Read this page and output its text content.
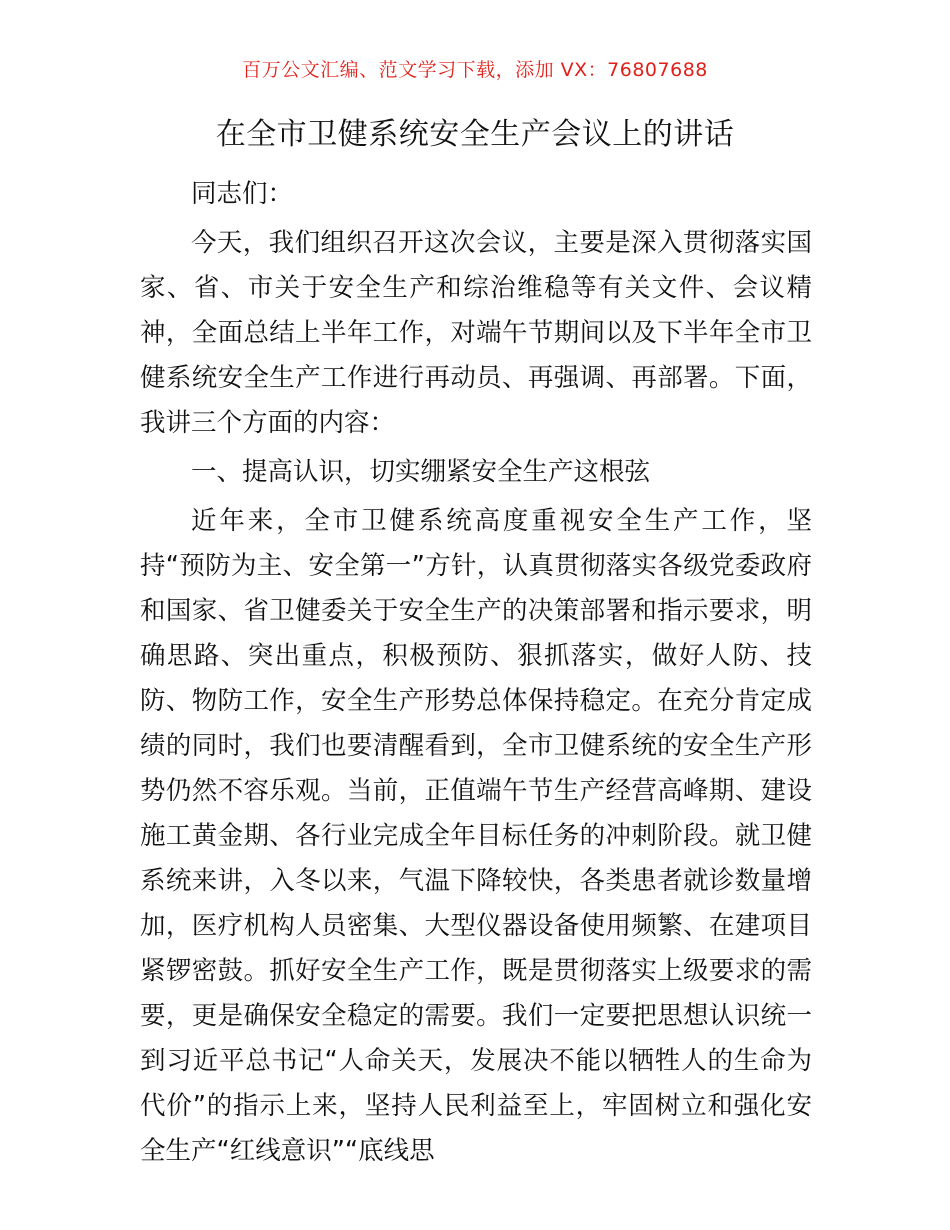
百万公文汇编、范文学习下载，添加 VX：76807688
在全市卫健系统安全生产会议上的讲话

同志们：

今天，我们组织召开这次会议，主要是深入贯彻落实国家、省、市关于安全生产和综治维稳等有关文件、会议精神，全面总结上半年工作，对端午节期间以及下半年全市卫健系统安全生产工作进行再动员、再强调、再部署。下面，我讲三个方面的内容：

一、提高认识，切实绷紧安全生产这根弦

近年来，全市卫健系统高度重视安全生产工作，坚持“预防为主、安全第一”方针，认真贯彻落实各级党委政府和国家、省卫健委关于安全生产的决策部署和指示要求，明确思路、突出重点，积极预防、狠抓落实，做好人防、技防、物防工作，安全生产形势总体保持稳定。在充分肯定成绩的同时，我们也要清醒看到，全市卫健系统的安全生产形势仍然不容乐观。当前，正值端午节生产经营高峰期、建设施工黄金期、各行业完成全年目标任务的冲刺阶段。就卫健系统来讲，入冬以来，气温下降较快，各类患者就诊数量增加，医疗机构人员密集、大型仪器设备使用频繁、在建项目紧锣密鼓。抓好安全生产工作，既是贯彻落实上级要求的需要，更是确保安全稳定的需要。我们一定要把思想认识统一到习近平总书记“人命关天，发展决不能以牺牲人的生命为代价”的指示上来，坚持人民利益至上，牢固树立和强化安全生产“红线意识”“底线思
